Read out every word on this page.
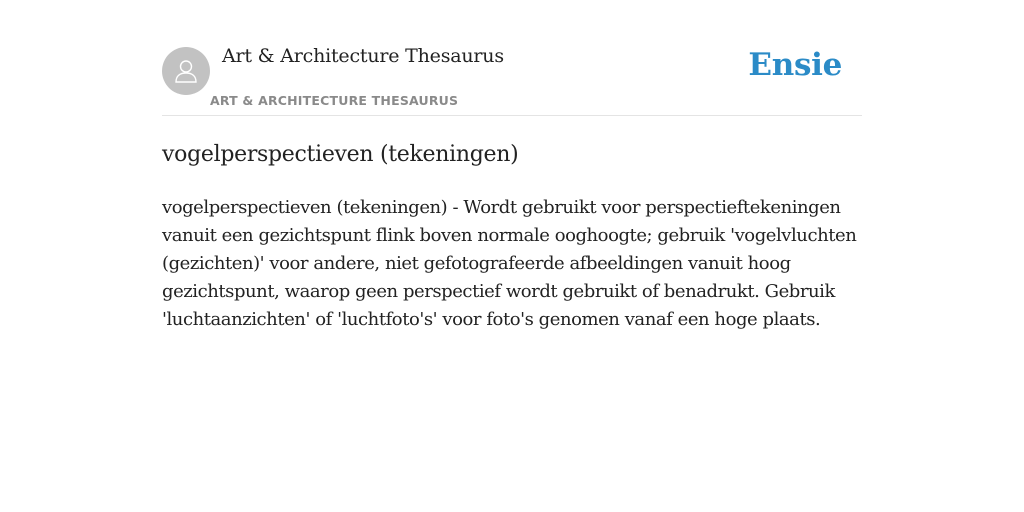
Art & Architecture Thesaurus
ART & ARCHITECTURE THESAURUS
Ensie
vogelperspectieven (tekeningen)

vogelperspectieven (tekeningen) - Wordt gebruikt voor perspectieftekeningen vanuit een gezichtspunt flink boven normale ooghoogte; gebruik 'vogelvluchten (gezichten)' voor andere, niet gefotografeerde afbeeldingen vanuit hoog gezichtspunt, waarop geen perspectief wordt gebruikt of benadrukt. Gebruik 'luchtaanzichten' of 'luchtfoto's' voor foto's genomen vanaf een hoge plaats.
